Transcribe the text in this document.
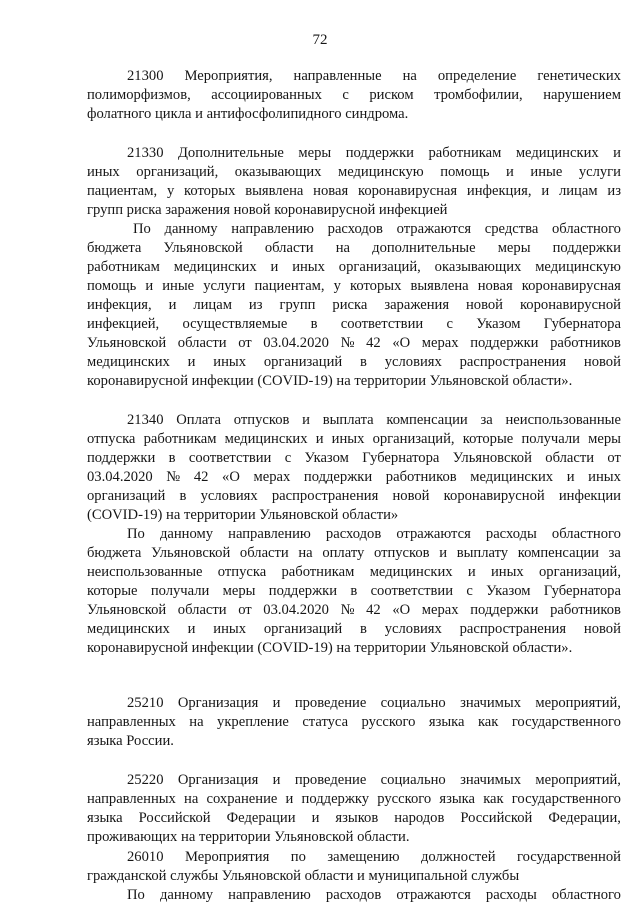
72

21300 Мероприятия, направленные на определение генетических

полиморфизмов, ассоциированных с риском тромбофилии, нарушением

фолатного цикла и антифосфолипидного синдрома.

21330 Дополнительные меры поддержки работникам медицинских и

иных организаций, оказывающих медицинскую помощь и иные услуги

пациентам, у которых выявлена новая коронавирусная инфекция, и лицам из

групп риска заражения новой коронавирусной инфекцией

По данному направлению расходов отражаются средства областного

бюджета Ульяновской области на дополнительные меры поддержки

работникам медицинских и иных организаций, оказывающих медицинскую

помощь и иные услуги пациентам, у которых выявлена новая коронавирусная

инфекция, и лицам из групп риска заражения новой коронавирусной

инфекцией, осуществляемые в соответствии с Указом Губернатора

Ульяновской области от 03.04.2020 № 42 «О мерах поддержки работников

медицинских и иных организаций в условиях распространения новой

коронавирусной инфекции (COVID-19) на территории Ульяновской области».

21340 Оплата отпусков и выплата компенсации за неиспользованные

отпуска работникам медицинских и иных организаций, которые получали меры

поддержки в соответствии с Указом Губернатора Ульяновской области от

03.04.2020 № 42 «О мерах поддержки работников медицинских и иных

организаций в условиях распространения новой коронавирусной инфекции

(COVID-19) на территории Ульяновской области»

По данному направлению расходов отражаются расходы областного

бюджета Ульяновской области на оплату отпусков и выплату компенсации за

неиспользованные отпуска работникам медицинских и иных организаций,

которые получали меры поддержки в соответствии с Указом Губернатора

Ульяновской области от 03.04.2020 № 42 «О мерах поддержки работников

медицинских и иных организаций в условиях распространения новой

коронавирусной инфекции (COVID-19) на территории Ульяновской области».

25210 Организация и проведение социально значимых мероприятий,

направленных на укрепление статуса русского языка как государственного

языка России.

25220 Организация и проведение социально значимых мероприятий,

направленных на сохранение и поддержку русского языка как государственного

языка Российской Федерации и языков народов Российской Федерации,

проживающих на территории Ульяновской области.

26010 Мероприятия по замещению должностей государственной

гражданской службы Ульяновской области и муниципальной службы

По данному направлению расходов отражаются расходы областного
